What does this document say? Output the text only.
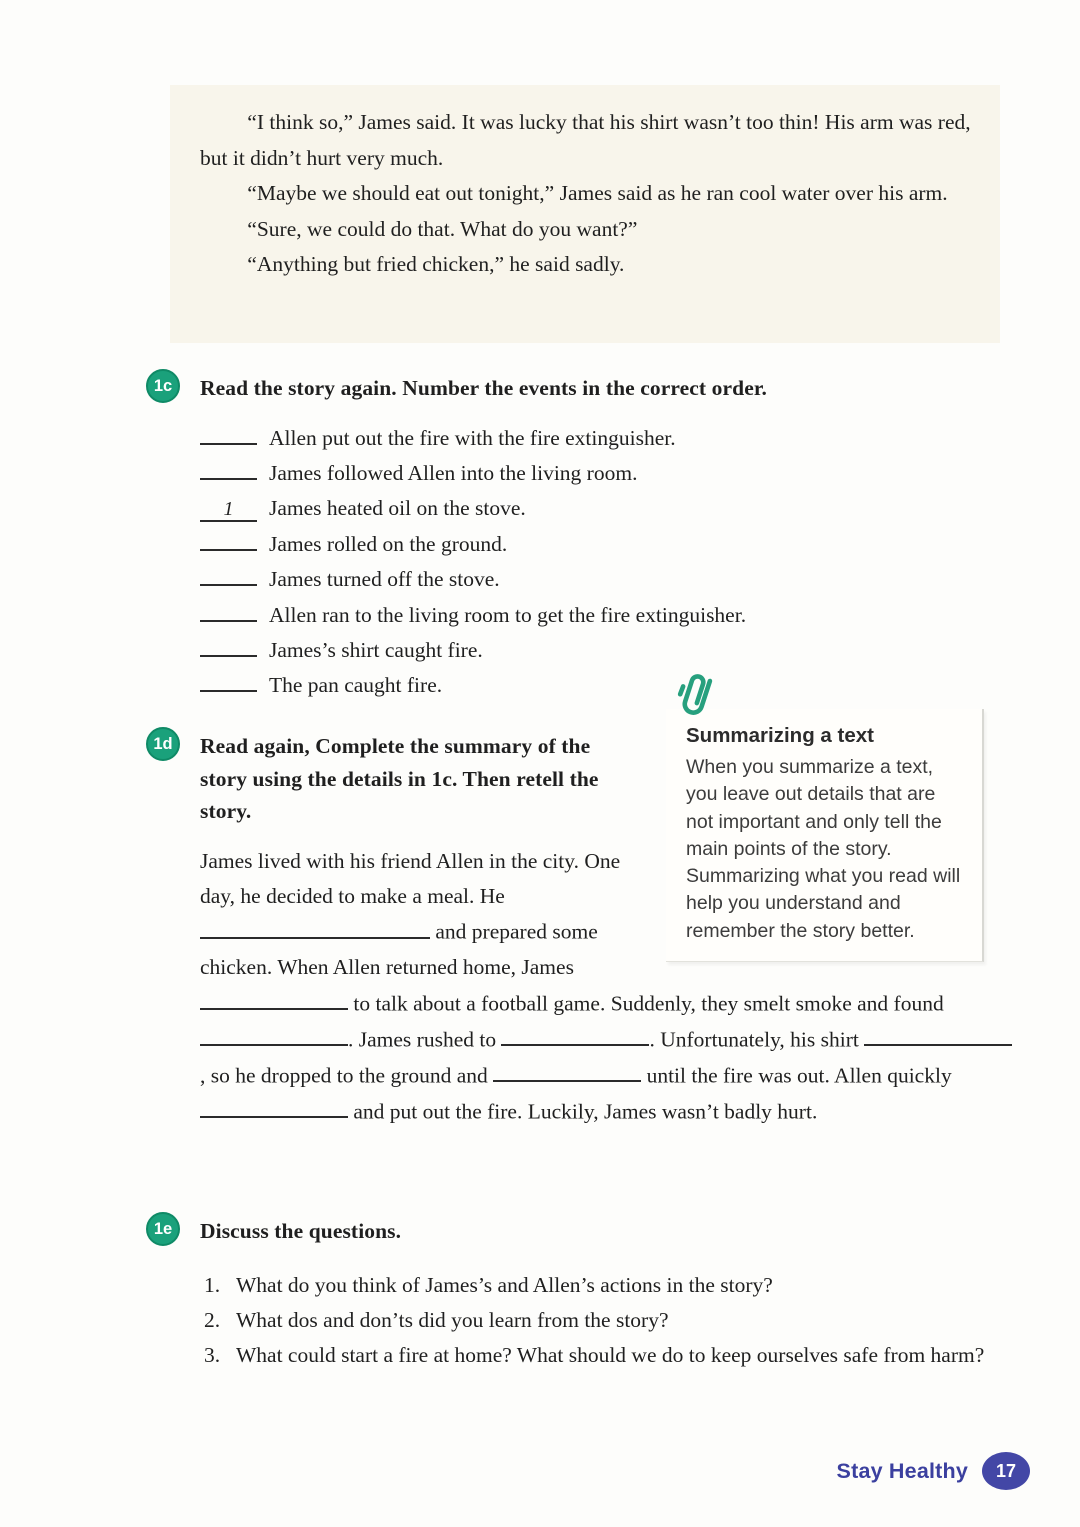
“I think so,” James said. It was lucky that his shirt wasn’t too thin! His arm was red, but it didn’t hurt very much.

“Maybe we should eat out tonight,” James said as he ran cool water over his arm.

“Sure, we could do that. What do you want?”

“Anything but fried chicken,” he said sadly.

1c	Read the story again. Number the events in the correct order.
Allen put out the fire with the fire extinguisher.
James followed Allen into the living room.
1 James heated oil on the stove.
James rolled on the ground.
James turned off the stove.
Allen ran to the living room to get the fire extinguisher.
James’s shirt caught fire.
The pan caught fire.
Summarizing a text

When you summarize a text, you leave out details that are not important and only tell the main points of the story. Summarizing what you read will help you understand and remember the story better.

1d	Read again, Complete the summary of the story using the details in 1c. Then retell the story.

James lived with his friend Allen in the city. One day, he decided to make a meal. He  and prepared some chicken. When Allen returned home, James  to talk about a football game. Suddenly, they smelt smoke and found . James rushed to	. Unfortunately, his shirt , so he dropped to the ground and	until the fire was out. Allen quickly  and put out the fire. Luckily, James wasn’t badly hurt.

1e	Discuss the questions.
1. What do you think of James’s and Allen’s actions in the story?
2. What dos and don’ts did you learn from the story?
3. What could start a fire at home? What should we do to keep ourselves safe from harm?
Stay Healthy	17
